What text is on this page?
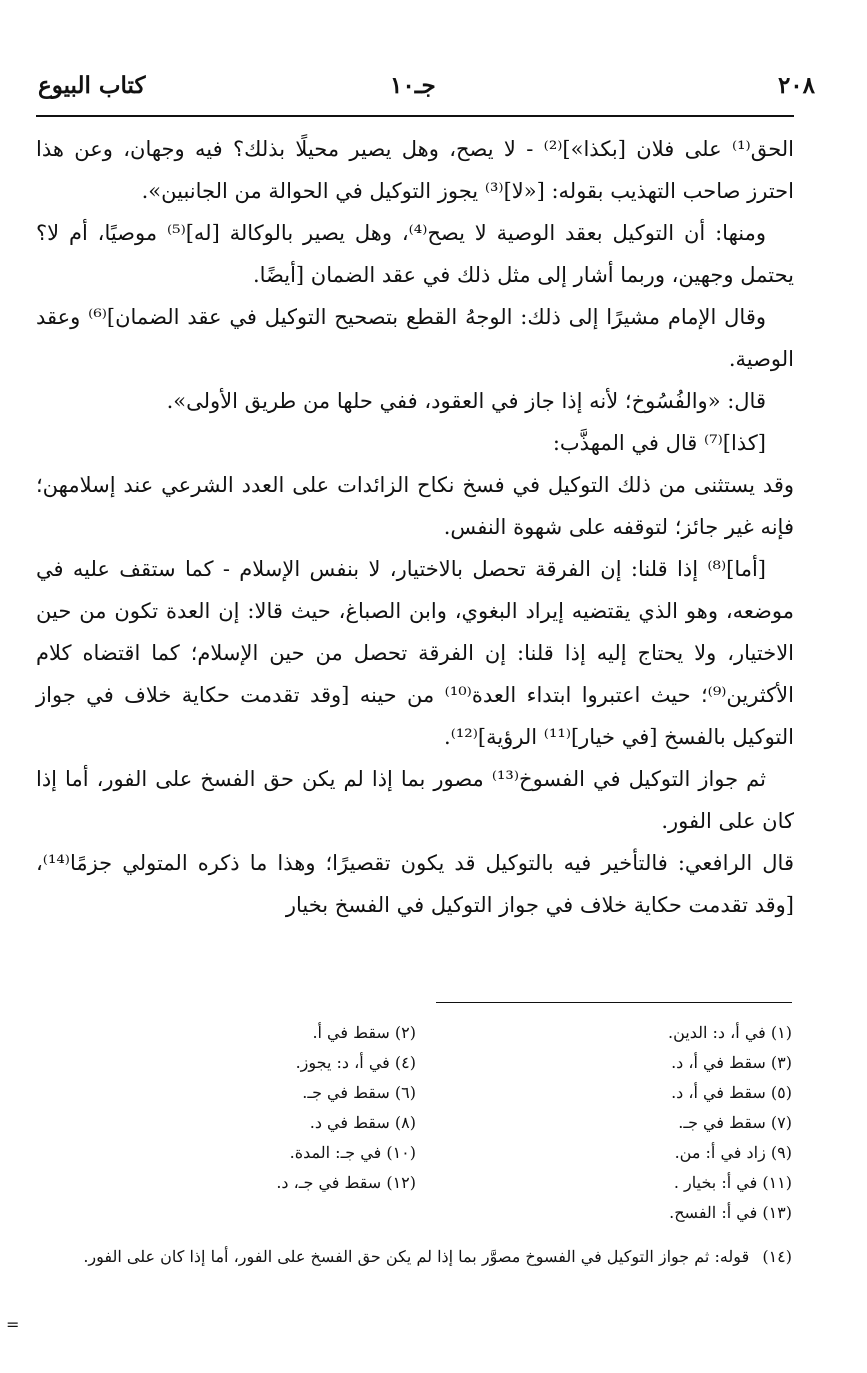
٢٠٨
جـ١٠
كتاب البيوع

الحق⁽¹⁾ على فلان [بكذا»]⁽²⁾ - لا يصح، وهل يصير محيلًا بذلك؟ فيه وجهان، وعن هذا احترز صاحب التهذيب بقوله: [«لا]⁽³⁾ يجوز التوكيل في الحوالة من الجانبين».

ومنها: أن التوكيل بعقد الوصية لا يصح⁽⁴⁾، وهل يصير بالوكالة [له]⁽⁵⁾ موصيًا، أم لا؟ يحتمل وجهين، وربما أشار إلى مثل ذلك في عقد الضمان [أيضًا.

وقال الإمام مشيرًا إلى ذلك: الوجهُ القطع بتصحيح التوكيل في عقد الضمان]⁽⁶⁾ وعقد الوصية.

قال: «والفُسُوخ؛ لأنه إذا جاز في العقود، ففي حلها من طريق الأولى».

[كذا]⁽⁷⁾ قال في المهذَّب:

وقد يستثنى من ذلك التوكيل في فسخ نكاح الزائدات على العدد الشرعي عند إسلامهن؛ فإنه غير جائز؛ لتوقفه على شهوة النفس.

[أما]⁽⁸⁾ إذا قلنا: إن الفرقة تحصل بالاختيار، لا بنفس الإسلام - كما ستقف عليه في موضعه، وهو الذي يقتضيه إيراد البغوي، وابن الصباغ، حيث قالا: إن العدة تكون من حين الاختيار، ولا يحتاج إليه إذا قلنا: إن الفرقة تحصل من حين الإسلام؛ كما اقتضاه كلام الأكثرين⁽⁹⁾؛ حيث اعتبروا ابتداء العدة⁽¹⁰⁾ من حينه [وقد تقدمت حكاية خلاف في جواز التوكيل بالفسخ [في خيار]⁽¹¹⁾ الرؤية]⁽¹²⁾.

ثم جواز التوكيل في الفسوخ⁽¹³⁾ مصور بما إذا لم يكن حق الفسخ على الفور، أما إذا كان على الفور.

قال الرافعي: فالتأخير فيه بالتوكيل قد يكون تقصيرًا؛ وهذا ما ذكره المتولي جزمًا⁽¹⁴⁾، [وقد تقدمت حكاية خلاف في جواز التوكيل في الفسخ بخيار

(١) في أ، د: الدين.
(٢) سقط في أ.
(٣) سقط في أ، د.
(٤) في أ، د: يجوز.
(٥) سقط في أ، د.
(٦) سقط في جـ.
(٧) سقط في جـ.
(٨) سقط في د.
(٩) زاد في أ: من.
(١٠) في جـ: المدة.
(١١) في أ: بخيار .
(١٢) سقط في جـ، د.
(١٣) في أ: الفسح.
(١٤) قوله: ثم جواز التوكيل في الفسوخ مصوَّر بما إذا لم يكن حق الفسخ على الفور، أما إذا كان على الفور.
=
